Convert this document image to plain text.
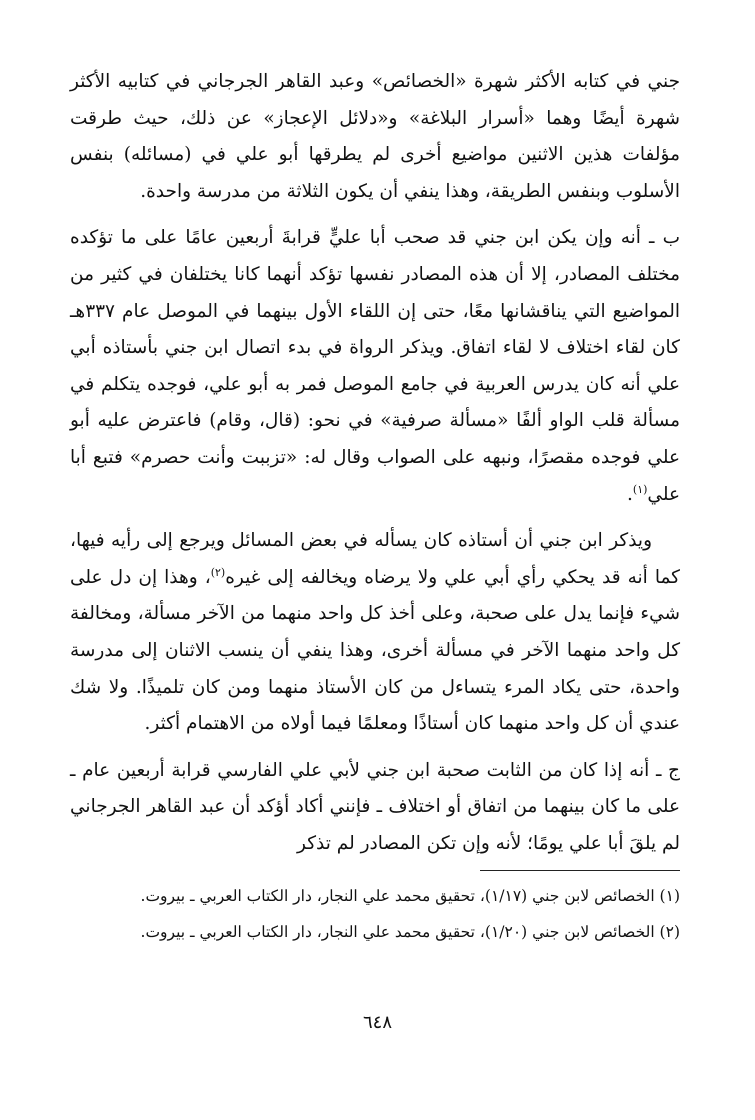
جني في كتابه الأكثر شهرة «الخصائص» وعبد القاهر الجرجاني في كتابيه الأكثر شهرة أيضًا وهما «أسرار البلاغة» و«دلائل الإعجاز» عن ذلك، حيث طرقت مؤلفات هذين الاثنين مواضيع أخرى لم يطرقها أبو علي في (مسائله) بنفس الأسلوب وبنفس الطريقة، وهذا ينفي أن يكون الثلاثة من مدرسة واحدة.

ب ـ أنه وإن يكن ابن جني قد صحب أبا عليٍّ قرابةَ أربعين عامًا على ما تؤكده مختلف المصادر، إلا أن هذه المصادر نفسها تؤكد أنهما كانا يختلفان في كثير من المواضيع التي يناقشانها معًا، حتى إن اللقاء الأول بينهما في الموصل عام ٣٣٧هـ كان لقاء اختلاف لا لقاء اتفاق. ويذكر الرواة في بدء اتصال ابن جني بأستاذه أبي علي أنه كان يدرس العربية في جامع الموصل فمر به أبو علي، فوجده يتكلم في مسألة قلب الواو ألفًا «مسألة صرفية» في نحو: (قال، وقام) فاعترض عليه أبو علي فوجده مقصرًا، ونبهه على الصواب وقال له: «تزببت وأنت حصرم» فتبع أبا علي$^{(١)}$.

ويذكر ابن جني أن أستاذه كان يسأله في بعض المسائل ويرجع إلى رأيه فيها، كما أنه قد يحكي رأي أبي علي ولا يرضاه ويخالفه إلى غيره$^{(٢)}$، وهذا إن دل على شيء فإنما يدل على صحبة، وعلى أخذ كل واحد منهما من الآخر مسألة، ومخالفة كل واحد منهما الآخر في مسألة أخرى، وهذا ينفي أن ينسب الاثنان إلى مدرسة واحدة، حتى يكاد المرء يتساءل من كان الأستاذ منهما ومن كان تلميذًا. ولا شك عندي أن كل واحد منهما كان أستاذًا ومعلمًا فيما أولاه من الاهتمام أكثر.

ج ـ أنه إذا كان من الثابت صحبة ابن جني لأبي علي الفارسي قرابة أربعين عام ـ على ما كان بينهما من اتفاق أو اختلاف ـ فإنني أكاد أؤكد أن عبد القاهر الجرجاني لم يلقَ أبا علي يومًا؛ لأنه وإن تكن المصادر لم تذكر

(١) الخصائص لابن جني (١/١٧)، تحقيق محمد علي النجار، دار الكتاب العربي ـ بيروت.

(٢) الخصائص لابن جني (١/٢٠)، تحقيق محمد علي النجار، دار الكتاب العربي ـ بيروت.

٦٤٨
